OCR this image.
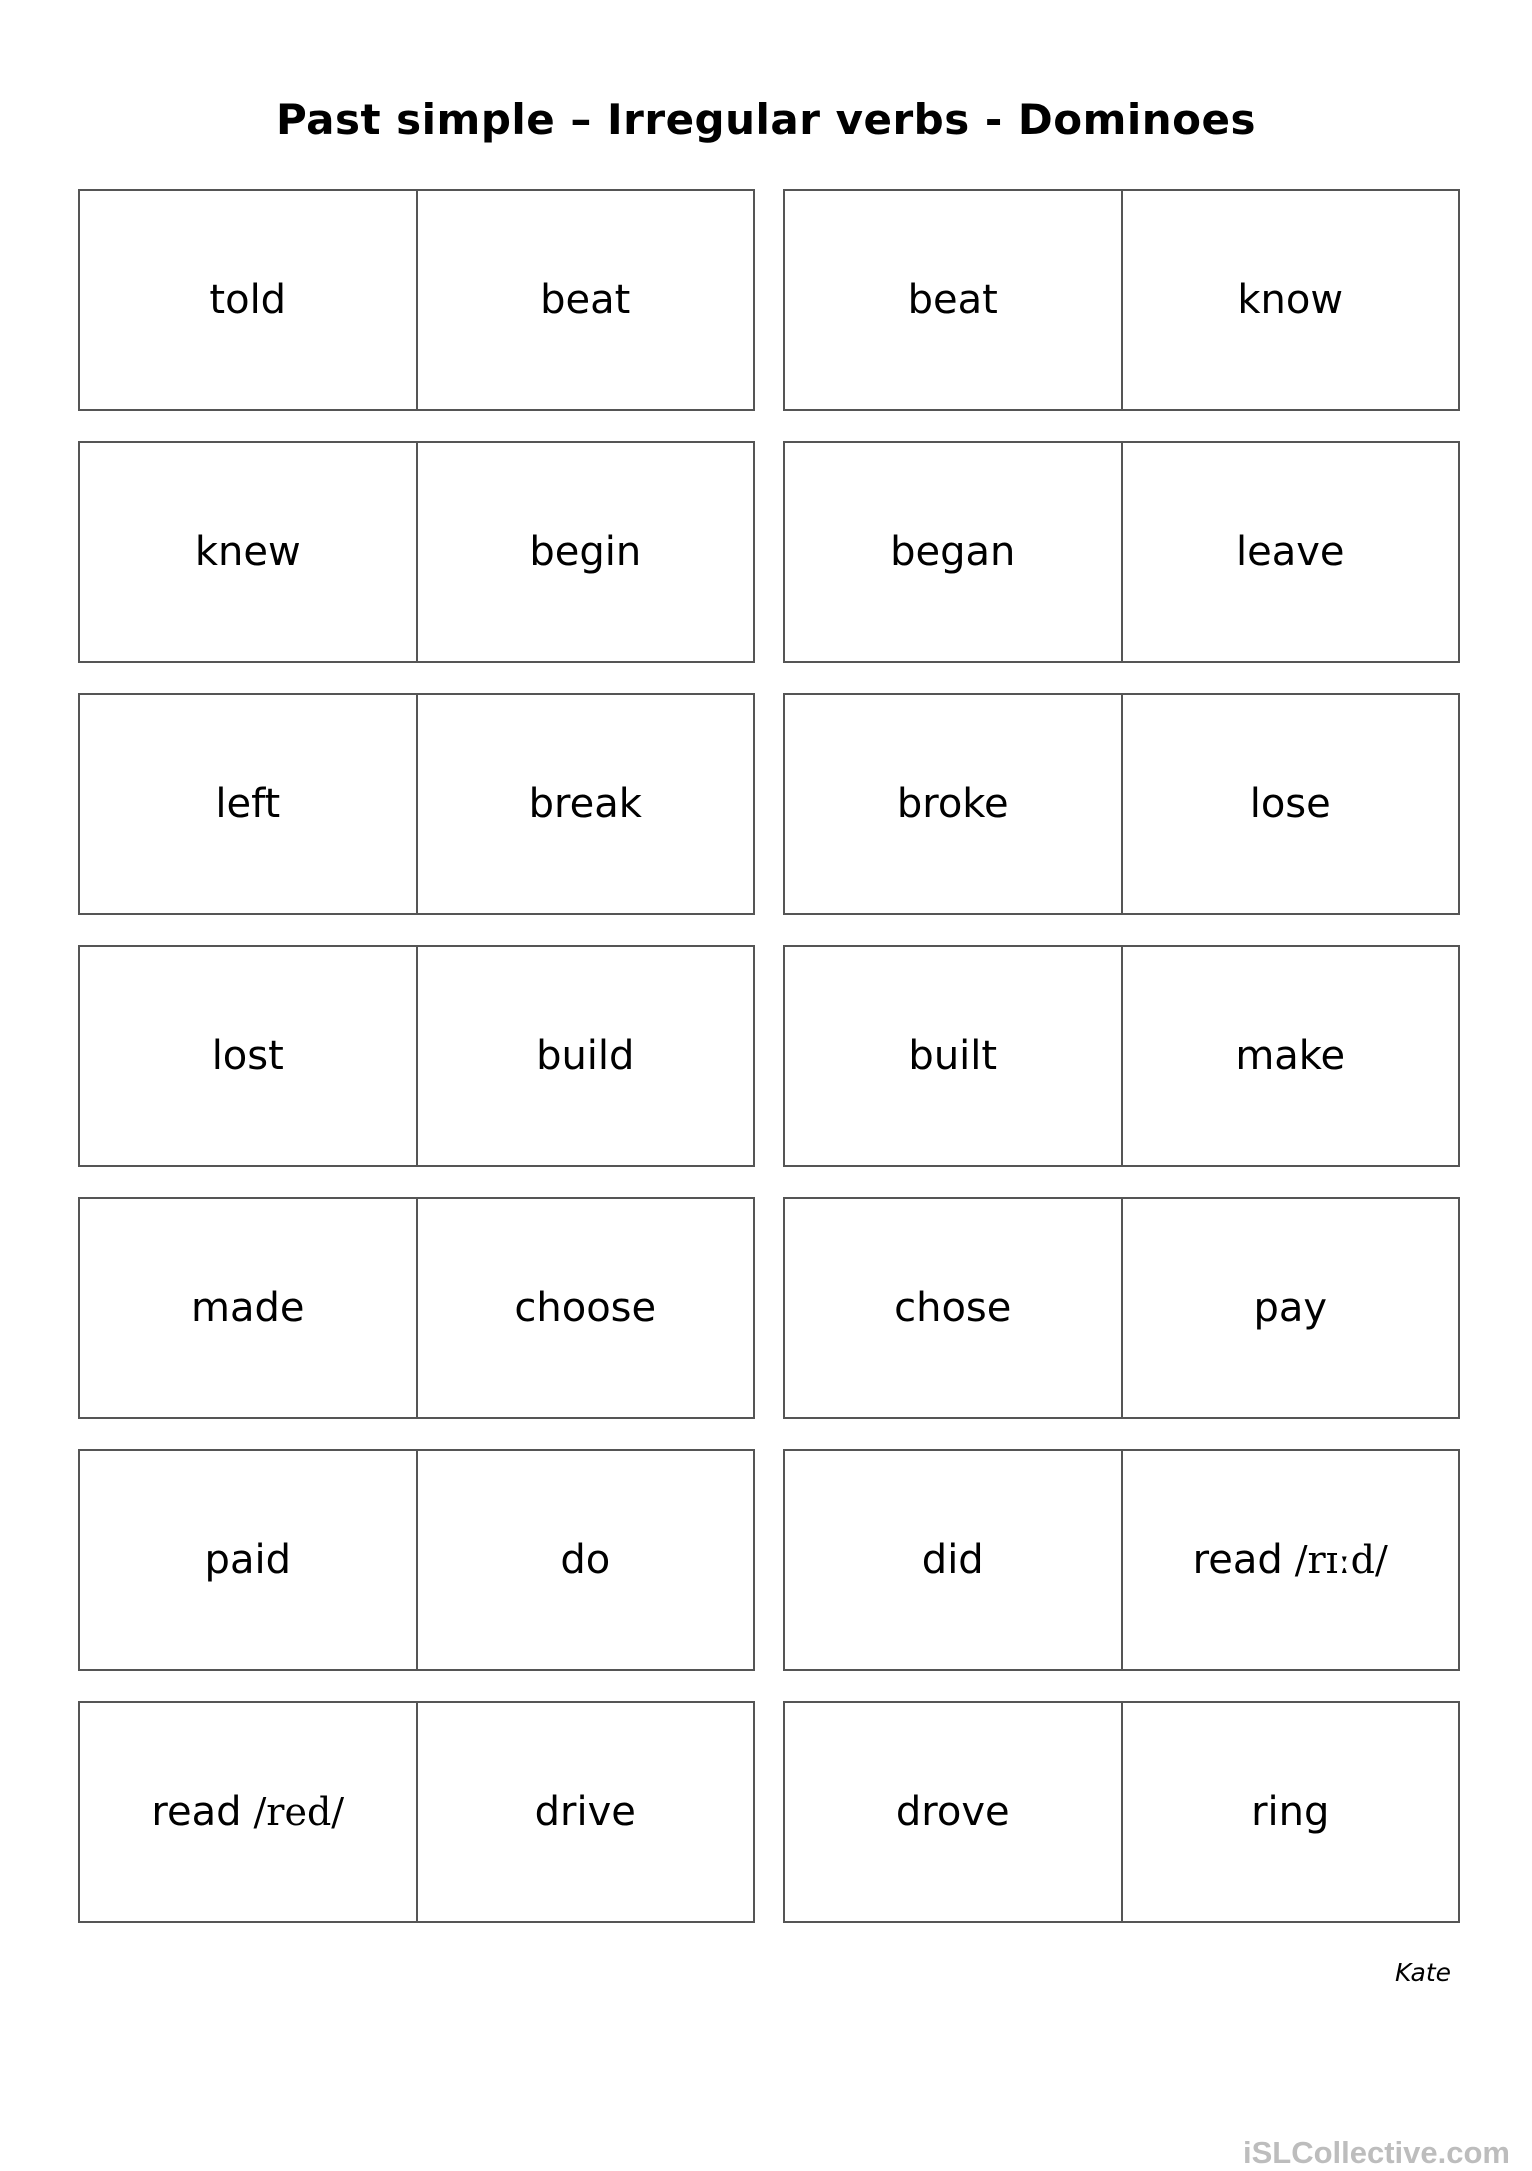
Past simple – Irregular verbs - Dominoes
told	beat	beat	know
knew	begin	began	leave
left	break	broke	lose
lost	build	built	make
made	choose	chose	pay
paid	do	did	read /rɪːd/
read /red/	drive	drove	ring
Kate
iSLCollective.com
